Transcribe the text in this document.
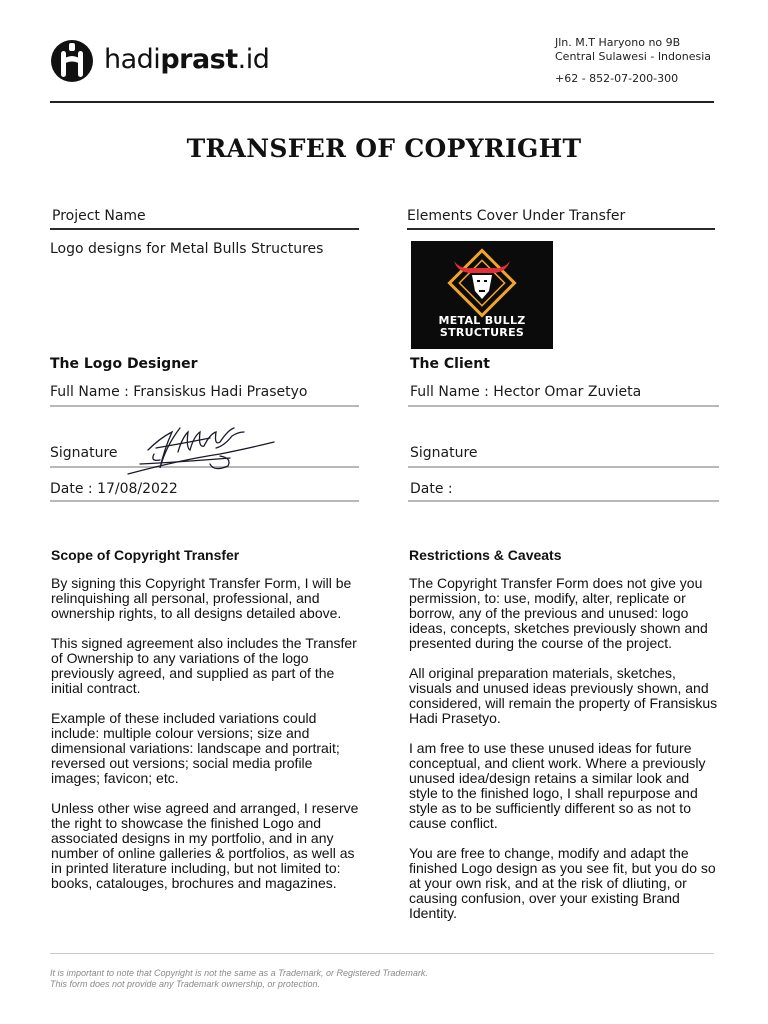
hadiprast.id
Jln. M.T Haryono no 9B
Central Sulawesi - Indonesia
+62 - 852-07-200-300
TRANSFER OF COPYRIGHT
Project Name
Logo designs for Metal Bulls Structures
Elements Cover Under Transfer
METAL BULLZ
STRUCTURES
The Logo Designer
Full Name : Fransiskus Hadi Prasetyo
Signature
Date : 17/08/2022
The Client
Full Name : Hector Omar Zuvieta
Signature
Date :
Scope of Copyright Transfer

By signing this Copyright Transfer Form, I will be relinquishing all personal, professional, and ownership rights, to all designs detailed above.

This signed agreement also includes the Transfer of Ownership to any variations of the logo previously agreed, and supplied as part of the initial contract.

Example of these included variations could include: multiple colour versions; size and dimensional variations: landscape and portrait; reversed out versions; social media profile images; favicon; etc.

Unless other wise agreed and arranged, I reserve the right to showcase the finished Logo and associated designs in my portfolio, and in any number of online galleries & portfolios, as well as in printed literature including, but not limited to: books, catalouges, brochures and magazines.

Restrictions & Caveats

The Copyright Transfer Form does not give you permission, to: use, modify, alter, replicate or borrow, any of the previous and unused: logo ideas, concepts, sketches previously shown and presented during the course of the project.

All original preparation materials, sketches, visuals and unused ideas previously shown, and considered, will remain the property of Fransiskus Hadi Prasetyo.

I am free to use these unused ideas for future conceptual, and client work. Where a previously unused idea/design retains a similar look and style to the finished logo, I shall repurpose and style as to be sufficiently different so as not to cause conflict.

You are free to change, modify and adapt the finished Logo design as you see fit, but you do so at your own risk, and at the risk of dliuting, or causing confusion, over your existing Brand Identity.

It is important to note that Copyright is not the same as a Trademark, or Registered Trademark.
This form does not provide any Trademark ownership, or protection.
